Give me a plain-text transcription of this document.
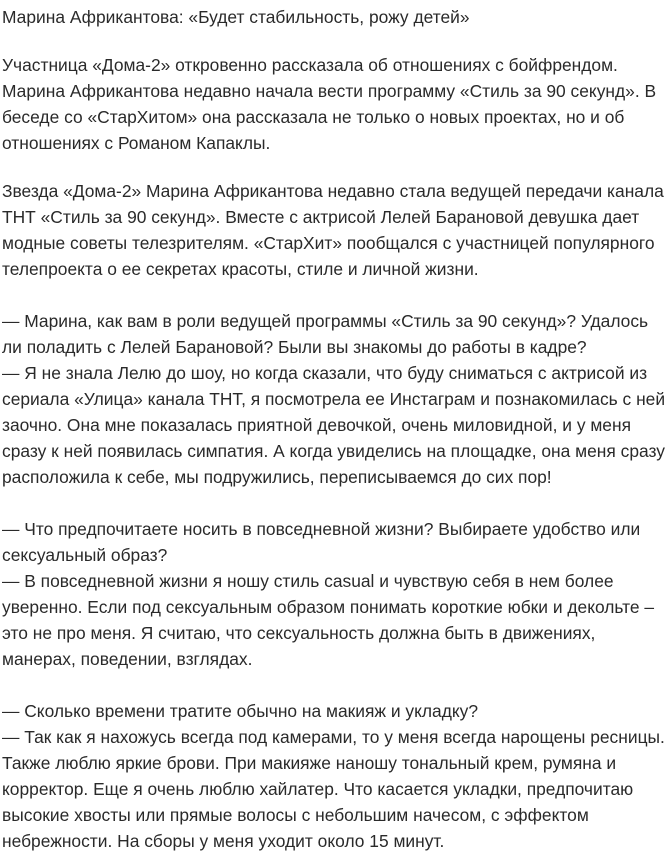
Марина Африкантова: «Будет стабильность, рожу детей»

Участница «Дома-2» откровенно рассказала об отношениях с бойфрендом. Марина Африкантова недавно начала вести программу «Стиль за 90 секунд». В беседе со «СтарХитом» она рассказала не только о новых проектах, но и об отношениях с Романом Капаклы.

Звезда «Дома-2» Марина Африкантова недавно стала ведущей передачи канала ТНТ «Стиль за 90 секунд». Вместе с актрисой Лелей Барановой девушка дает модные советы телезрителям. «СтарХит» пообщался с участницей популярного телепроекта о ее секретах красоты, стиле и личной жизни.

— Марина, как вам в роли ведущей программы «Стиль за 90 секунд»? Удалось ли поладить с Лелей Барановой? Были вы знакомы до работы в кадре?

— Я не знала Лелю до шоу, но когда сказали, что буду сниматься с актрисой из сериала «Улица» канала ТНТ, я посмотрела ее Инстаграм и познакомилась с ней заочно. Она мне показалась приятной девочкой, очень миловидной, и у меня сразу к ней появилась симпатия. А когда увиделись на площадке, она меня сразу расположила к себе, мы подружились, переписываемся до сих пор!

— Что предпочитаете носить в повседневной жизни? Выбираете удобство или сексуальный образ?

— В повседневной жизни я ношу стиль casual и чувствую себя в нем более уверенно. Если под сексуальным образом понимать короткие юбки и декольте – это не про меня. Я считаю, что сексуальность должна быть в движениях, манерах, поведении, взглядах.

— Сколько времени тратите обычно на макияж и укладку?

— Так как я нахожусь всегда под камерами, то у меня всегда нарощены ресницы. Также люблю яркие брови. При макияже наношу тональный крем, румяна и корректор. Еще я очень люблю хайлатер. Что касается укладки, предпочитаю высокие хвосты или прямые волосы с небольшим начесом, с эффектом небрежности. На сборы у меня уходит около 15 минут.
